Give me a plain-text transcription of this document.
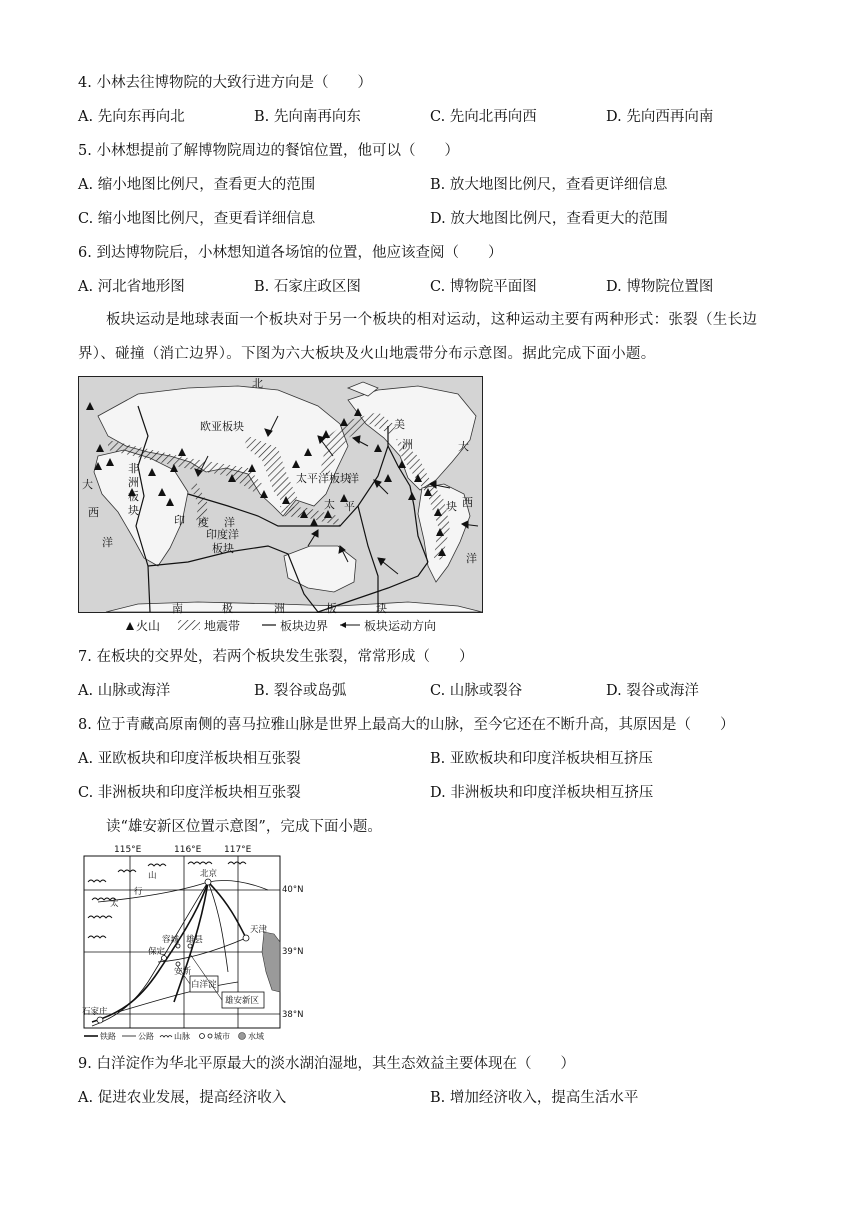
4. 小林去往博物院的大致行进方向是（　　）
A. 先向东再向北	B. 先向南再向东	C. 先向北再向西	D. 先向西再向南
5. 小林想提前了解博物院周边的餐馆位置，他可以（　　）
A. 缩小地图比例尺，查看更大的范围	B. 放大地图比例尺，查看更详细信息
C. 缩小地图比例尺，查更看详细信息	D. 放大地图比例尺，查看更大的范围
6. 到达博物院后，小林想知道各场馆的位置，他应该查阅（　　）
A. 河北省地形图	B. 石家庄政区图	C. 博物院平面图	D. 博物院位置图
板块运动是地球表面一个板块对于另一个板块的相对运动，这种运动主要有两种形式：张裂（生长边界）、碰撞（消亡边界）。下图为六大板块及火山地震带分布示意图。据此完成下面小题。
北
欧亚板块	美
洲
太平洋板块
太 平
洋
非
洲
板
块
大
西
洋
大
西
洋
块
印 度 洋
印度洋
板块
南	极	洲	板	块
火山	地震带	板块边界	板块运动方向
7. 在板块的交界处，若两个板块发生张裂，常常形成（　　）
A. 山脉或海洋	B. 裂谷或岛弧	C. 山脉或裂谷	D. 裂谷或海洋
8. 位于青藏高原南侧的喜马拉雅山脉是世界上最高大的山脉，至今它还在不断升高，其原因是（　　）
A. 亚欧板块和印度洋板块相互张裂	B. 亚欧板块和印度洋板块相互挤压
C. 非洲板块和印度洋板块相互张裂	D. 非洲板块和印度洋板块相互挤压
读“雄安新区位置示意图”，完成下面小题。
115°E	116°E	117°E
北京
天津
保定
容城 雄县
安新
石家庄
山
行
太
白洋淀
雄安新区
40°N
39°N
38°N
铁路	公路	山脉	城市 水域
9. 白洋淀作为华北平原最大的淡水湖泊湿地，其生态效益主要体现在（　　）
A. 促进农业发展，提高经济收入	B. 增加经济收入，提高生活水平
